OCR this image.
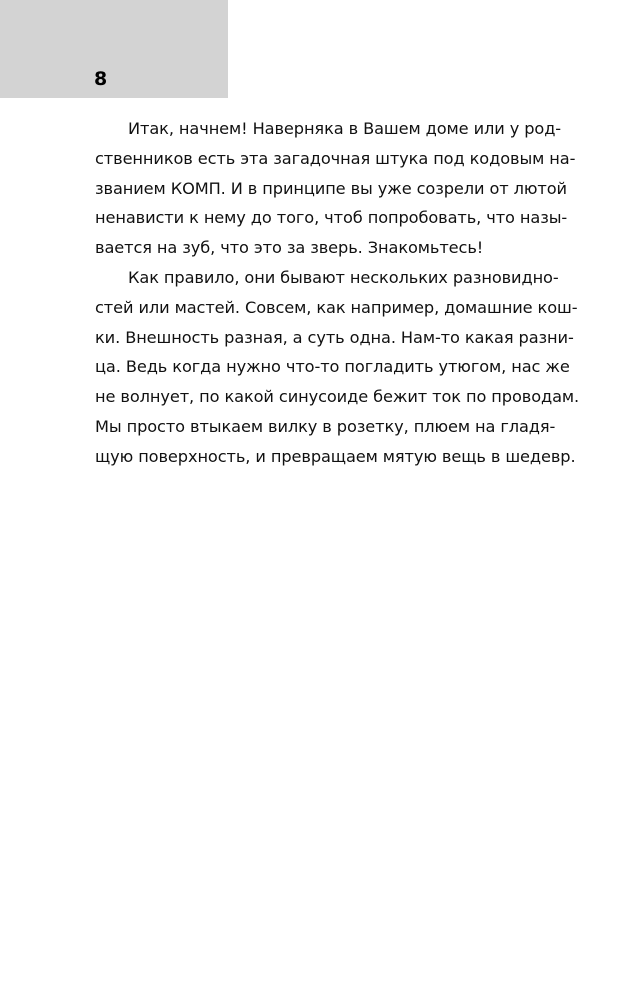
8
Итак, начнем! Наверняка в Вашем доме или у род-
ственников есть эта загадочная штука под кодовым на-
званием КОМП. И в принципе вы уже созрели от лютой
ненависти к нему до того, чтоб попробовать, что назы-
вается на зуб, что это за зверь. Знакомьтесь!
Как правило, они бывают нескольких разновидно-
стей или мастей. Совсем, как например, домашние кош-
ки. Внешность разная, а суть одна. Нам-то какая разни-
ца. Ведь когда нужно что-то погладить утюгом, нас же
не волнует, по какой синусоиде бежит ток по проводам.
Мы просто втыкаем вилку в розетку, плюем на гладя-
щую поверхность, и превращаем мятую вещь в шедевр.
